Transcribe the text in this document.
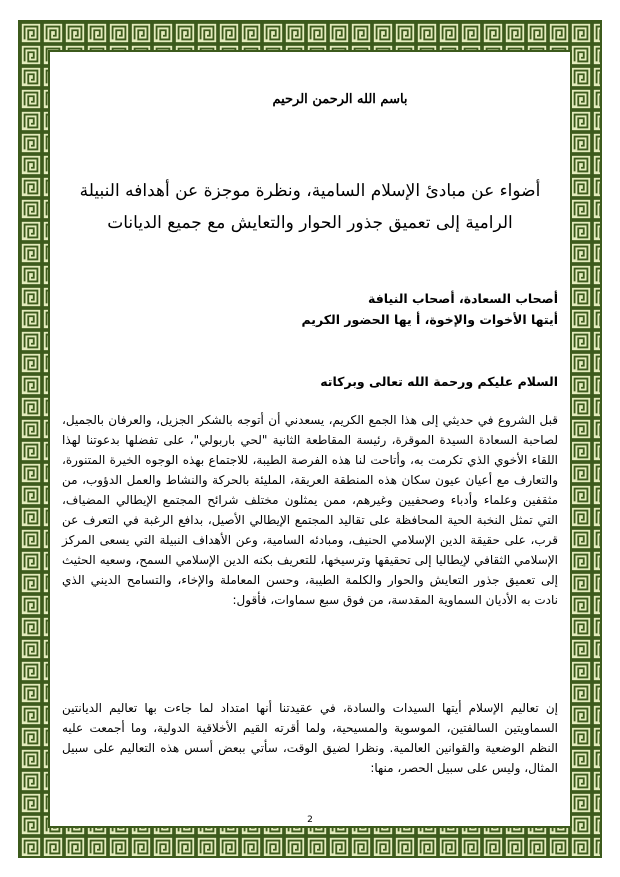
باسم الله الرحمن الرحيم
أضواء عن مبادئ الإسلام السامية، ونظرة موجزة عن أهدافه النبيلة
الرامية إلى تعميق جذور الحوار والتعايش مع جميع الديانات
أصحاب السعادة، أصحاب النيافة
أيتها الأخوات والإخوة، أ يها الحضور الكريم
السلام عليكم ورحمة الله تعالى وبركاته
قبل الشروع في حديثي إلى هذا الجمع الكريم، يسعدني أن أتوجه بالشكر الجزيل، والعرفان بالجميل، لصاحبة السعادة السيدة الموقرة، رئيسة المقاطعة الثانية "لحي باربولي"، على تفضلها بدعوتنا لهذا اللقاء الأخوي الذي تكرمت به، وأتاحت لنا هذه الفرصة الطيبة، للاجتماع بهذه الوجوه الخيرة المتنورة، والتعارف مع أعيان عيون سكان هذه المنطقة العريقة، المليئة بالحركة والنشاط والعمل الدؤوب، من مثقفين وعلماء وأدباء وصحفيين وغيرهم، ممن يمثلون مختلف شرائح المجتمع الإيطالي المضياف، التي تمثل النخبة الحية المحافظة على تقاليد المجتمع الإيطالي الأصيل، بدافع الرغبة في التعرف عن قرب، على حقيقة الدين الإسلامي الحنيف، ومبادئه السامية، وعن الأهداف النبيلة التي يسعى المركز الإسلامي الثقافي لإيطاليا إلى تحقيقها وترسيخها، للتعريف بكنه الدين الإسلامي السمح، وسعيه الحثيث إلى تعميق جذور التعايش والحوار والكلمة الطيبة، وحسن المعاملة والإخاء، والتسامح الديني الذي نادت به الأديان السماوية المقدسة، من فوق سبع سماوات، فأقول:
إن تعاليم الإسلام أيتها السيدات والسادة، في عقيدتنا أنها امتداد لما جاءت بها تعاليم الديانتين السماويتين السالفتين، الموسوية والمسيحية، ولما أقرته القيم الأخلاقية الدولية، وما أجمعت عليه النظم الوضعية والقوانين العالمية. ونظرا لضيق الوقت، سأتي ببعض أسس هذه التعاليم على سبيل المثال، وليس على سبيل الحصر، منها:
2
